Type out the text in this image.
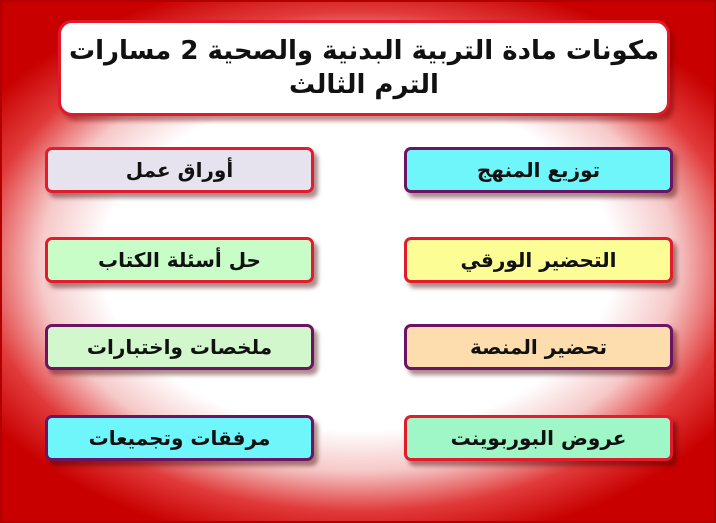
مكونات مادة التربية البدنية والصحية 2 مسارات
الترم الثالث
أوراق عمل	توزيع المنهج
حل أسئلة الكتاب	التحضير الورقي
ملخصات واختبارات	تحضير المنصة
مرفقات وتجميعات	عروض البوربوينت
